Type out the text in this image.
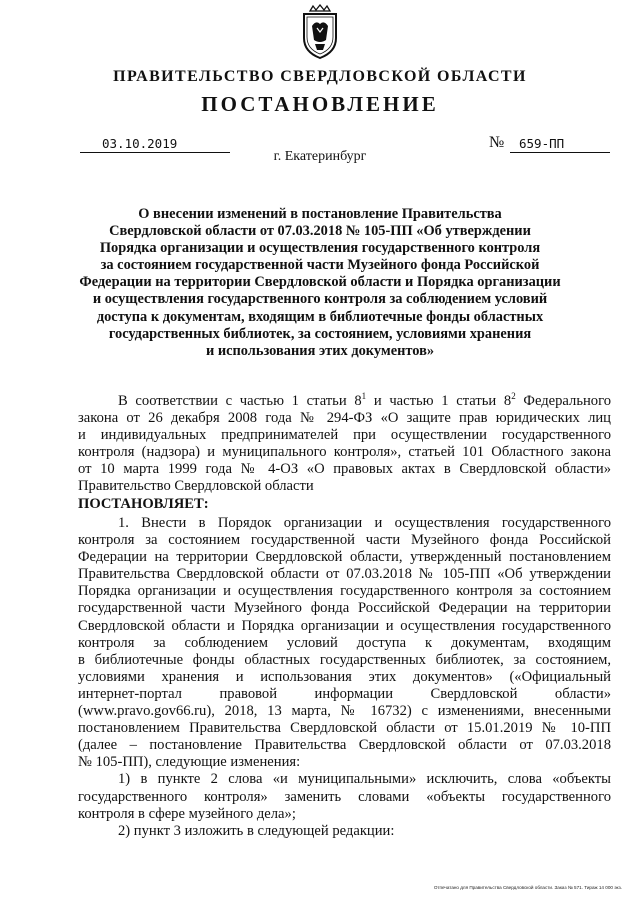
ПРАВИТЕЛЬСТВО СВЕРДЛОВСКОЙ ОБЛАСТИ
ПОСТАНОВЛЕНИЕ
03.10.2019	№	659-ПП
г. Екатеринбург
О внесении изменений в постановление Правительства
Свердловской области от 07.03.2018 № 105-ПП «Об утверждении
Порядка организации и осуществления государственного контроля
за состоянием государственной части Музейного фонда Российской
Федерации на территории Свердловской области и Порядка организации
и осуществления государственного контроля за соблюдением условий
доступа к документам, входящим в библиотечные фонды областных
государственных библиотек, за состоянием, условиями хранения
и использования этих документов»
В соответствии с частью 1 статьи $8^1$ и частью 1 статьи $8^2$ Федерального
закона от 26 декабря 2008 года № 294-ФЗ «О защите прав юридических лиц
и индивидуальных предпринимателей при осуществлении государственного
контроля (надзора) и муниципального контроля», статьей 101 Областного закона
от 10 марта 1999 года № 4-ОЗ «О правовых актах в Свердловской области»
Правительство Свердловской области
ПОСТАНОВЛЯЕТ:
1. Внести в Порядок организации и осуществления государственного
контроля за состоянием государственной части Музейного фонда Российской
Федерации на территории Свердловской области, утвержденный постановлением
Правительства Свердловской области от 07.03.2018 № 105-ПП «Об утверждении
Порядка организации и осуществления государственного контроля за состоянием
государственной части Музейного фонда Российской Федерации на территории
Свердловской области и Порядка организации и осуществления государственного
контроля за соблюдением условий доступа к документам, входящим
в библиотечные фонды областных государственных библиотек, за состоянием,
условиями хранения и использования этих документов» («Официальный
интернет-портал правовой информации Свердловской области»
(www.pravo.gov66.ru), 2018, 13 марта, № 16732) с изменениями, внесенными
постановлением Правительства Свердловской области от 15.01.2019 № 10-ПП
(далее – постановление Правительства Свердловской области от 07.03.2018
№ 105-ПП), следующие изменения:
1) в пункте 2 слова «и муниципальными» исключить, слова «объекты
государственного контроля» заменить словами «объекты государственного
контроля в сфере музейного дела»;
2) пункт 3 изложить в следующей редакции:
Отпечатано для Правительства Свердловской области. Заказ № 571. Тираж 14 000 экз.
